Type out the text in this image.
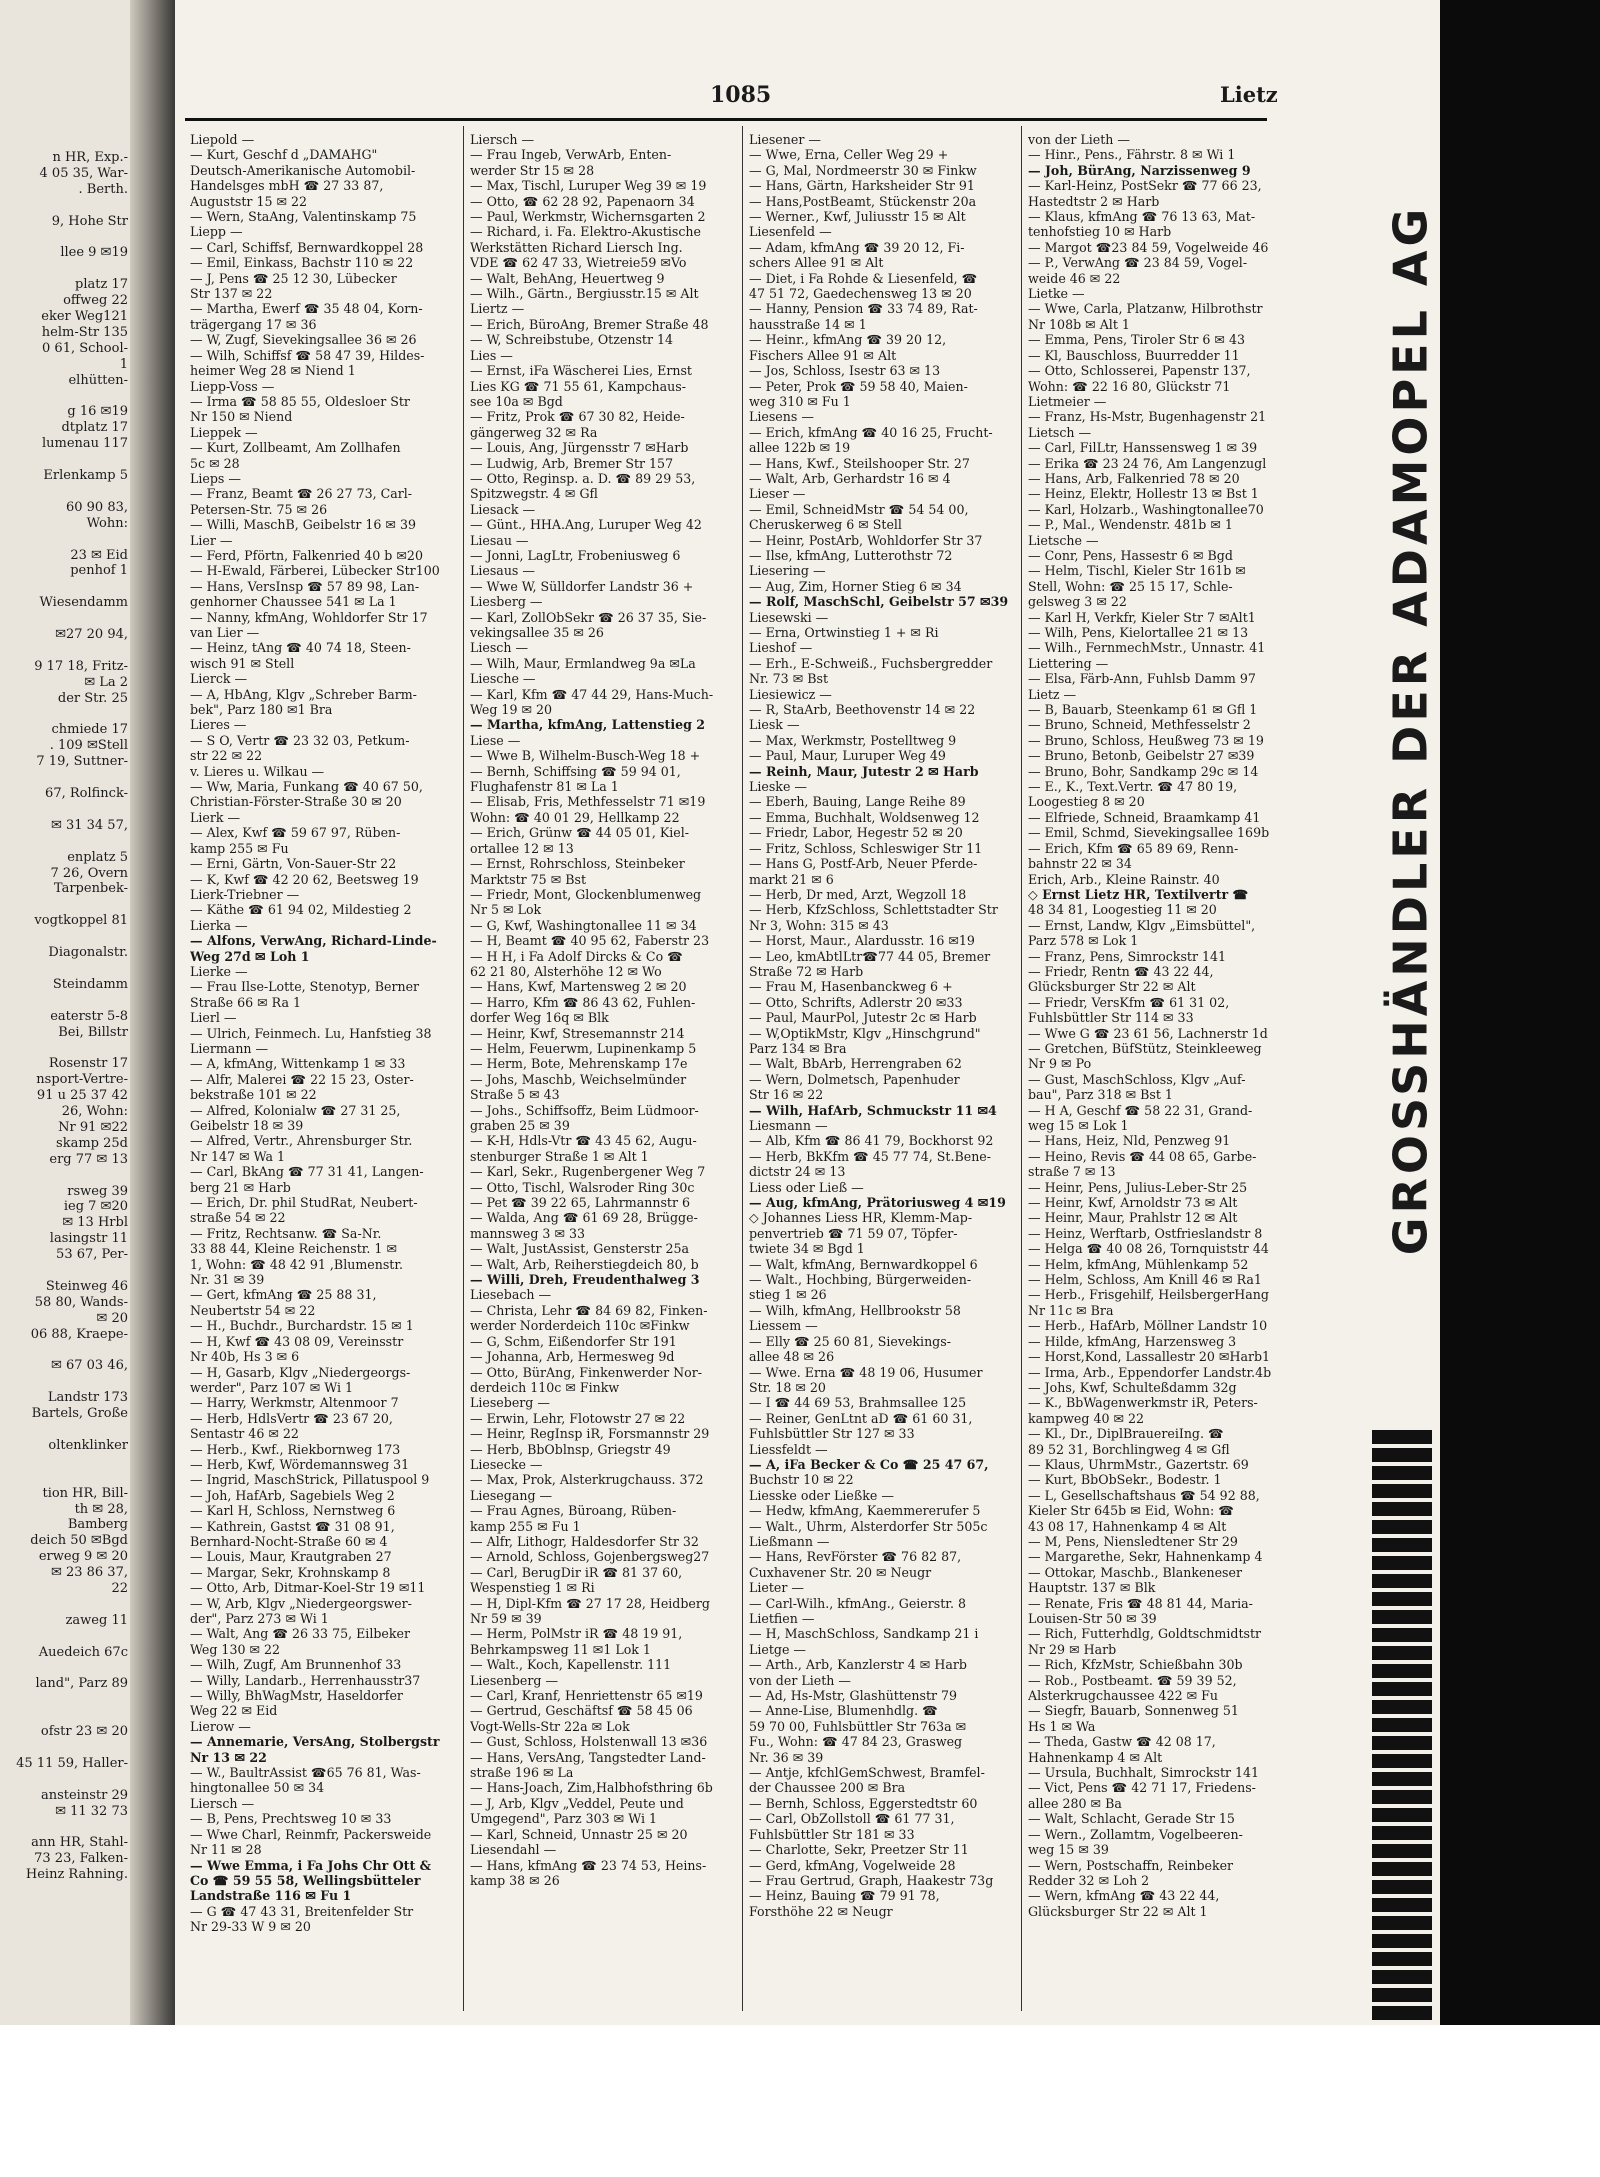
n HR, Exp.-
4 05 35, War-
. Berth.
9, Hohe Str
llee 9 ✉19
platz 17
offweg 22
eker Weg121
helm-Str 135
0 61, School-
1
elhütten-
g 16 ✉19
dtplatz 17
lumenau 117
Erlenkamp 5
60 90 83,
Wohn:
23 ✉ Eid
penhof 1
Wiesendamm
✉27 20 94,
9 17 18, Fritz-
✉ La 2
der Str. 25
chmiede 17
. 109 ✉Stell
7 19, Suttner-
67, Rolfinck-
✉ 31 34 57,
enplatz 5
7 26, Overn
Tarpenbek-
vogtkoppel 81
Diagonalstr.
Steindamm
eaterstr 5-8
Bei, Billstr
Rosenstr 17
nsport-Vertre-
91 u 25 37 42
26, Wohn:
Nr 91 ✉22
skamp 25d
erg 77 ✉ 13
rsweg 39
ieg 7 ✉20
✉ 13 Hrbl
lasingstr 11
53 67, Per-
Steinweg 46
58 80, Wands-
✉ 20
06 88, Kraepe-
✉ 67 03 46,
Landstr 173
Bartels, Große
oltenklinker
tion HR, Bill-
th ✉ 28,
Bamberg
deich 50 ✉Bgd
erweg 9 ✉ 20
✉ 23 86 37,
22
zaweg 11
Auedeich 67c
land", Parz 89
ofstr 23 ✉ 20
45 11 59, Haller-
ansteinstr 29
✉ 11 32 73
ann HR, Stahl-
73 23, Falken-
Heinz Rahning.
1085	Lietz
Liepold —
— Kurt, Geschf d „DAMAHG"
Deutsch-Amerikanische Automobil-
Handelsges mbH ☎ 27 33 87,
Auguststr 15 ✉ 22
— Wern, StaAng, Valentinskamp 75
Liepp —
— Carl, Schiffsf, Bernwardkoppel 28
— Emil, Einkass, Bachstr 110 ✉ 22
— J, Pens ☎ 25 12 30, Lübecker
Str 137 ✉ 22
— Martha, Ewerf ☎ 35 48 04, Korn-
trägergang 17 ✉ 36
— W, Zugf, Sievekingsallee 36 ✉ 26
— Wilh, Schiffsf ☎ 58 47 39, Hildes-
heimer Weg 28 ✉ Niend 1
Liepp-Voss —
— Irma ☎ 58 85 55, Oldesloer Str
Nr 150 ✉ Niend
Lieppek —
— Kurt, Zollbeamt, Am Zollhafen
5c ✉ 28
Lieps —
— Franz, Beamt ☎ 26 27 73, Carl-
Petersen-Str. 75 ✉ 26
— Willi, MaschB, Geibelstr 16 ✉ 39
Lier —
— Ferd, Pförtn, Falkenried 40 b ✉20
— H-Ewald, Färberei, Lübecker Str100
— Hans, VersInsp ☎ 57 89 98, Lan-
genhorner Chaussee 541 ✉ La 1
— Nanny, kfmAng, Wohldorfer Str 17
van Lier —
— Heinz, tAng ☎ 40 74 18, Steen-
wisch 91 ✉ Stell
Lierck —
— A, HbAng, Klgv „Schreber Barm-
bek", Parz 180 ✉1 Bra
Lieres —
— S O, Vertr ☎ 23 32 03, Petkum-
str 22 ✉ 22
v. Lieres u. Wilkau —
— Ww, Maria, Funkang ☎ 40 67 50,
Christian-Förster-Straße 30 ✉ 20
Lierk —
— Alex, Kwf ☎ 59 67 97, Rüben-
kamp 255 ✉ Fu
— Erni, Gärtn, Von-Sauer-Str 22
— K, Kwf ☎ 42 20 62, Beetsweg 19
Lierk-Triebner —
— Käthe ☎ 61 94 02, Mildestieg 2
Lierka —
— Alfons, VerwAng, Richard-Linde-
Weg 27d ✉ Loh 1
Lierke —
— Frau Ilse-Lotte, Stenotyp, Berner
Straße 66 ✉ Ra 1
Lierl —
— Ulrich, Feinmech. Lu, Hanfstieg 38
Liermann —
— A, kfmAng, Wittenkamp 1 ✉ 33
— Alfr, Malerei ☎ 22 15 23, Oster-
bekstraße 101 ✉ 22
— Alfred, Kolonialw ☎ 27 31 25,
Geibelstr 18 ✉ 39
— Alfred, Vertr., Ahrensburger Str.
Nr 147 ✉ Wa 1
— Carl, BkAng ☎ 77 31 41, Langen-
berg 21 ✉ Harb
— Erich, Dr. phil StudRat, Neubert-
straße 54 ✉ 22
— Fritz, Rechtsanw. ☎ Sa-Nr.
33 88 44, Kleine Reichenstr. 1 ✉
1, Wohn: ☎ 48 42 91 ,Blumenstr.
Nr. 31 ✉ 39
— Gert, kfmAng ☎ 25 88 31,
Neubertstr 54 ✉ 22
— H., Buchdr., Burchardstr. 15 ✉ 1
— H, Kwf ☎ 43 08 09, Vereinsstr
Nr 40b, Hs 3 ✉ 6
— H, Gasarb, Klgv „Niedergeorgs-
werder", Parz 107 ✉ Wi 1
— Harry, Werkmstr, Altenmoor 7
— Herb, HdlsVertr ☎ 23 67 20,
Sentastr 46 ✉ 22
— Herb., Kwf., Riekbornweg 173
— Herb, Kwf, Wördemannsweg 31
— Ingrid, MaschStrick, Pillatuspool 9
— Joh, HafArb, Sagebiels Weg 2
— Karl H, Schloss, Nernstweg 6
— Kathrein, Gastst ☎ 31 08 91,
Bernhard-Nocht-Straße 60 ✉ 4
— Louis, Maur, Krautgraben 27
— Margar, Sekr, Krohnskamp 8
— Otto, Arb, Ditmar-Koel-Str 19 ✉11
— W, Arb, Klgv „Niedergeorgswer-
der", Parz 273 ✉ Wi 1
— Walt, Ang ☎ 26 33 75, Eilbeker
Weg 130 ✉ 22
— Wilh, Zugf, Am Brunnenhof 33
— Willy, Landarb., Herrenhausstr37
— Willy, BhWagMstr, Haseldorfer
Weg 22 ✉ Eid
Lierow —
— Annemarie, VersAng, Stolbergstr
Nr 13 ✉ 22
— W., BaultrAssist ☎65 76 81, Was-
hingtonallee 50 ✉ 34
Liersch —
— B, Pens, Prechtsweg 10 ✉ 33
— Wwe Charl, Reinmfr, Packersweide
Nr 11 ✉ 28
— Wwe Emma, i Fa Johs Chr Ott &
Co ☎ 59 55 58, Wellingsbütteler
Landstraße 116 ✉ Fu 1
— G ☎ 47 43 31, Breitenfelder Str
Nr 29-33 W 9 ✉ 20
Liersch —
— Frau Ingeb, VerwArb, Enten-
werder Str 15 ✉ 28
— Max, Tischl, Luruper Weg 39 ✉ 19
— Otto, ☎ 62 28 92, Papenaorn 34
— Paul, Werkmstr, Wichernsgarten 2
— Richard, i. Fa. Elektro-Akustische
Werkstätten Richard Liersch Ing.
VDE ☎ 62 47 33, Wietreie59 ✉Vo
— Walt, BehAng, Heuertweg 9
— Wilh., Gärtn., Bergiusstr.15 ✉ Alt
Liertz —
— Erich, BüroAng, Bremer Straße 48
— W, Schreibstube, Otzenstr 14
Lies —
— Ernst, iFa Wäscherei Lies, Ernst
Lies KG ☎ 71 55 61, Kampchaus-
see 10a ✉ Bgd
— Fritz, Prok ☎ 67 30 82, Heide-
gängerweg 32 ✉ Ra
— Louis, Ang, Jürgensstr 7 ✉Harb
— Ludwig, Arb, Bremer Str 157
— Otto, Reginsp. a. D. ☎ 89 29 53,
Spitzwegstr. 4 ✉ Gfl
Liesack —
— Günt., HHA.Ang, Luruper Weg 42
Liesau —
— Jonni, LagLtr, Frobeniusweg 6
Liesaus —
— Wwe W, Sülldorfer Landstr 36 +
Liesberg —
— Karl, ZollObSekr ☎ 26 37 35, Sie-
vekingsallee 35 ✉ 26
Liesch —
— Wilh, Maur, Ermlandweg 9a ✉La
Liesche —
— Karl, Kfm ☎ 47 44 29, Hans-Much-
Weg 19 ✉ 20
— Martha, kfmAng, Lattenstieg 2
Liese —
— Wwe B, Wilhelm-Busch-Weg 18 +
— Bernh, Schiffsing ☎ 59 94 01,
Flughafenstr 81 ✉ La 1
— Elisab, Fris, Methfesselstr 71 ✉19
Wohn: ☎ 40 01 29, Hellkamp 22
— Erich, Grünw ☎ 44 05 01, Kiel-
ortallee 12 ✉ 13
— Ernst, Rohrschloss, Steinbeker
Marktstr 75 ✉ Bst
— Friedr, Mont, Glockenblumenweg
Nr 5 ✉ Lok
— G, Kwf, Washingtonallee 11 ✉ 34
— H, Beamt ☎ 40 95 62, Faberstr 23
— H H, i Fa Adolf Dircks & Co ☎
62 21 80, Alsterhöhe 12 ✉ Wo
— Hans, Kwf, Martensweg 2 ✉ 20
— Harro, Kfm ☎ 86 43 62, Fuhlen-
dorfer Weg 16q ✉ Blk
— Heinr, Kwf, Stresemannstr 214
— Helm, Feuerwm, Lupinenkamp 5
— Herm, Bote, Mehrenskamp 17e
— Johs, Maschb, Weichselmünder
Straße 5 ✉ 43
— Johs., Schiffsoffz, Beim Lüdmoor-
graben 25 ✉ 39
— K-H, Hdls-Vtr ☎ 43 45 62, Augu-
stenburger Straße 1 ✉ Alt 1
— Karl, Sekr., Rugenbergener Weg 7
— Otto, Tischl, Walsroder Ring 30c
— Pet ☎ 39 22 65, Lahrmannstr 6
— Walda, Ang ☎ 61 69 28, Brügge-
mannsweg 3 ✉ 33
— Walt, JustAssist, Gensterstr 25a
— Walt, Arb, Reiherstiegdeich 80, b
— Willi, Dreh, Freudenthalweg 3
Liesebach —
— Christa, Lehr ☎ 84 69 82, Finken-
werder Norderdeich 110c ✉Finkw
— G, Schm, Eißendorfer Str 191
— Johanna, Arb, Hermesweg 9d
— Otto, BürAng, Finkenwerder Nor-
derdeich 110c ✉ Finkw
Lieseberg —
— Erwin, Lehr, Flotowstr 27 ✉ 22
— Heinr, RegInsp iR, Forsmannstr 29
— Herb, BbOblnsp, Griegstr 49
Liesecke —
— Max, Prok, Alsterkrugchauss. 372
Liesegang —
— Frau Agnes, Büroang, Rüben-
kamp 255 ✉ Fu 1
— Alfr, Lithogr, Haldesdorfer Str 32
— Arnold, Schloss, Gojenbergsweg27
— Carl, BerugDir iR ☎ 81 37 60,
Wespenstieg 1 ✉ Ri
— H, Dipl-Kfm ☎ 27 17 28, Heidberg
Nr 59 ✉ 39
— Herm, PolMstr iR ☎ 48 19 91,
Behrkampsweg 11 ✉1 Lok 1
— Walt., Koch, Kapellenstr. 111
Liesenberg —
— Carl, Kranf, Henriettenstr 65 ✉19
— Gertrud, Geschäftsf ☎ 58 45 06
Vogt-Wells-Str 22a ✉ Lok
— Gust, Schloss, Holstenwall 13 ✉36
— Hans, VersAng, Tangstedter Land-
straße 196 ✉ La
— Hans-Joach, Zim,Halbhofsthring 6b
— J, Arb, Klgv „Veddel, Peute und
Umgegend", Parz 303 ✉ Wi 1
— Karl, Schneid, Unnastr 25 ✉ 20
Liesendahl —
— Hans, kfmAng ☎ 23 74 53, Heins-
kamp 38 ✉ 26
Liesener —
— Wwe, Erna, Celler Weg 29 +
— G, Mal, Nordmeerstr 30 ✉ Finkw
— Hans, Gärtn, Harksheider Str 91
— Hans,PostBeamt, Stückenstr 20a
— Werner., Kwf, Juliusstr 15 ✉ Alt
Liesenfeld —
— Adam, kfmAng ☎ 39 20 12, Fi-
schers Allee 91 ✉ Alt
— Diet, i Fa Rohde & Liesenfeld, ☎
47 51 72, Gaedechensweg 13 ✉ 20
— Hanny, Pension ☎ 33 74 89, Rat-
hausstraße 14 ✉ 1
— Heinr., kfmAng ☎ 39 20 12,
Fischers Allee 91 ✉ Alt
— Jos, Schloss, Isestr 63 ✉ 13
— Peter, Prok ☎ 59 58 40, Maien-
weg 310 ✉ Fu 1
Liesens —
— Erich, kfmAng ☎ 40 16 25, Frucht-
allee 122b ✉ 19
— Hans, Kwf., Steilshooper Str. 27
— Walt, Arb, Gerhardstr 16 ✉ 4
Lieser —
— Emil, SchneidMstr ☎ 54 54 00,
Cheruskerweg 6 ✉ Stell
— Heinr, PostArb, Wohldorfer Str 37
— Ilse, kfmAng, Lutterothstr 72
Liesering —
— Aug, Zim, Horner Stieg 6 ✉ 34
— Rolf, MaschSchl, Geibelstr 57 ✉39
Liesewski —
— Erna, Ortwinstieg 1 + ✉ Ri
Lieshof —
— Erh., E-Schweiß., Fuchsbergredder
Nr. 73 ✉ Bst
Liesiewicz —
— R, StaArb, Beethovenstr 14 ✉ 22
Liesk —
— Max, Werkmstr, Postelltweg 9
— Paul, Maur, Luruper Weg 49
— Reinh, Maur, Jutestr 2 ✉ Harb
Lieske —
— Eberh, Bauing, Lange Reihe 89
— Emma, Buchhalt, Woldsenweg 12
— Friedr, Labor, Hegestr 52 ✉ 20
— Fritz, Schloss, Schleswiger Str 11
— Hans G, Postf-Arb, Neuer Pferde-
markt 21 ✉ 6
— Herb, Dr med, Arzt, Wegzoll 18
— Herb, KfzSchloss, Schlettstadter Str
Nr 3, Wohn: 315 ✉ 43
— Horst, Maur., Alardusstr. 16 ✉19
— Leo, kmAbtlLtr☎77 44 05, Bremer
Straße 72 ✉ Harb
— Frau M, Hasenbanckweg 6 +
— Otto, Schrifts, Adlerstr 20 ✉33
— Paul, MaurPol, Jutestr 2c ✉ Harb
— W,OptikMstr, Klgv „Hinschgrund"
Parz 134 ✉ Bra
— Walt, BbArb, Herrengraben 62
— Wern, Dolmetsch, Papenhuder
Str 16 ✉ 22
— Wilh, HafArb, Schmuckstr 11 ✉4
Liesmann —
— Alb, Kfm ☎ 86 41 79, Bockhorst 92
— Herb, BkKfm ☎ 45 77 74, St.Bene-
dictstr 24 ✉ 13
Liess oder Ließ —
— Aug, kfmAng, Prätoriusweg 4 ✉19
◇ Johannes Liess HR, Klemm-Map-
penvertrieb ☎ 71 59 07, Töpfer-
twiete 34 ✉ Bgd 1
— Walt, kfmAng, Bernwardkoppel 6
— Walt., Hochbing, Bürgerweiden-
stieg 1 ✉ 26
— Wilh, kfmAng, Hellbrookstr 58
Liessem —
— Elly ☎ 25 60 81, Sievekings-
allee 48 ✉ 26
— Wwe. Erna ☎ 48 19 06, Husumer
Str. 18 ✉ 20
— I ☎ 44 69 53, Brahmsallee 125
— Reiner, GenLtnt aD ☎ 61 60 31,
Fuhlsbüttler Str 127 ✉ 33
Liessfeldt —
— A, iFa Becker & Co ☎ 25 47 67,
Buchstr 10 ✉ 22
Liesske oder Ließke —
— Hedw, kfmAng, Kaemmererufer 5
— Walt., Uhrm, Alsterdorfer Str 505c
Ließmann —
— Hans, RevFörster ☎ 76 82 87,
Cuxhavener Str. 20 ✉ Neugr
Lieter —
— Carl-Wilh., kfmAng., Geierstr. 8
Lietfien —
— H, MaschSchloss, Sandkamp 21 i
Lietge —
— Arth., Arb, Kanzlerstr 4 ✉ Harb
von der Lieth —
— Ad, Hs-Mstr, Glashüttenstr 79
— Anne-Lise, Blumenhdlg. ☎
59 70 00, Fuhlsbüttler Str 763a ✉
Fu., Wohn: ☎ 47 84 23, Grasweg
Nr. 36 ✉ 39
— Antje, kfchlGemSchwest, Bramfel-
der Chaussee 200 ✉ Bra
— Bernh, Schloss, Eggerstedtstr 60
— Carl, ObZollstoll ☎ 61 77 31,
Fuhlsbüttler Str 181 ✉ 33
— Charlotte, Sekr, Preetzer Str 11
— Gerd, kfmAng, Vogelweide 28
— Frau Gertrud, Graph, Haakestr 73g
— Heinz, Bauing ☎ 79 91 78,
Forsthöhe 22 ✉ Neugr
von der Lieth —
— Hinr., Pens., Fährstr. 8 ✉ Wi 1
— Joh, BürAng, Narzissenweg 9
— Karl-Heinz, PostSekr ☎ 77 66 23,
Hastedtstr 2 ✉ Harb
— Klaus, kfmAng ☎ 76 13 63, Mat-
tenhofstieg 10 ✉ Harb
— Margot ☎23 84 59, Vogelweide 46
— P., VerwAng ☎ 23 84 59, Vogel-
weide 46 ✉ 22
Lietke —
— Wwe, Carla, Platzanw, Hilbrothstr
Nr 108b ✉ Alt 1
— Emma, Pens, Tiroler Str 6 ✉ 43
— Kl, Bauschloss, Buurredder 11
— Otto, Schlosserei, Papenstr 137,
Wohn: ☎ 22 16 80, Glückstr 71
Lietmeier —
— Franz, Hs-Mstr, Bugenhagenstr 21
Lietsch —
— Carl, FilLtr, Hanssensweg 1 ✉ 39
— Erika ☎ 23 24 76, Am Langenzugl
— Hans, Arb, Falkenried 78 ✉ 20
— Heinz, Elektr, Hollestr 13 ✉ Bst 1
— Karl, Holzarb., Washingtonallee70
— P., Mal., Wendenstr. 481b ✉ 1
Lietsche —
— Conr, Pens, Hassestr 6 ✉ Bgd
— Helm, Tischl, Kieler Str 161b ✉
Stell, Wohn: ☎ 25 15 17, Schle-
gelsweg 3 ✉ 22
— Karl H, Verkfr, Kieler Str 7 ✉Alt1
— Wilh, Pens, Kielortallee 21 ✉ 13
— Wilh., FernmechMstr., Unnastr. 41
Liettering —
— Elsa, Färb-Ann, Fuhlsb Damm 97
Lietz —
— B, Bauarb, Steenkamp 61 ✉ Gfl 1
— Bruno, Schneid, Methfesselstr 2
— Bruno, Schloss, Heußweg 73 ✉ 19
— Bruno, Betonb, Geibelstr 27 ✉39
— Bruno, Bohr, Sandkamp 29c ✉ 14
— E., K., Text.Vertr. ☎ 47 80 19,
Loogestieg 8 ✉ 20
— Elfriede, Schneid, Braamkamp 41
— Emil, Schmd, Sievekingsallee 169b
— Erich, Kfm ☎ 65 89 69, Renn-
bahnstr 22 ✉ 34
Erich, Arb., Kleine Rainstr. 40
◇ Ernst Lietz HR, Textilvertr ☎
48 34 81, Loogestieg 11 ✉ 20
— Ernst, Landw, Klgv „Eimsbüttel",
Parz 578 ✉ Lok 1
— Franz, Pens, Simrockstr 141
— Friedr, Rentn ☎ 43 22 44,
Glücksburger Str 22 ✉ Alt
— Friedr, VersKfm ☎ 61 31 02,
Fuhlsbüttler Str 114 ✉ 33
— Wwe G ☎ 23 61 56, Lachnerstr 1d
— Gretchen, BüfStütz, Steinkleeweg
Nr 9 ✉ Po
— Gust, MaschSchloss, Klgv „Auf-
bau", Parz 318 ✉ Bst 1
— H A, Geschf ☎ 58 22 31, Grand-
weg 15 ✉ Lok 1
— Hans, Heiz, Nld, Penzweg 91
— Heino, Revis ☎ 44 08 65, Garbe-
straße 7 ✉ 13
— Heinr, Pens, Julius-Leber-Str 25
— Heinr, Kwf, Arnoldstr 73 ✉ Alt
— Heinr, Maur, Prahlstr 12 ✉ Alt
— Heinz, Werftarb, Ostfrieslandstr 8
— Helga ☎ 40 08 26, Tornquiststr 44
— Helm, kfmAng, Mühlenkamp 52
— Helm, Schloss, Am Knill 46 ✉ Ra1
— Herb., Frisgehilf, HeilsbergerHang
Nr 11c ✉ Bra
— Herb., HafArb, Möllner Landstr 10
— Hilde, kfmAng, Harzensweg 3
— Horst,Kond, Lassallestr 20 ✉Harb1
— Irma, Arb., Eppendorfer Landstr.4b
— Johs, Kwf, Schulteßdamm 32g
— K., BbWagenwerkmstr iR, Peters-
kampweg 40 ✉ 22
— Kl., Dr., DiplBrauereiIng. ☎
89 52 31, Borchlingweg 4 ✉ Gfl
— Klaus, UhrmMstr., Gazertstr. 69
— Kurt, BbObSekr., Bodestr. 1
— L, Gesellschaftshaus ☎ 54 92 88,
Kieler Str 645b ✉ Eid, Wohn: ☎
43 08 17, Hahnenkamp 4 ✉ Alt
— M, Pens, Niensledtener Str 29
— Margarethe, Sekr, Hahnenkamp 4
— Ottokar, Maschb., Blankeneser
Hauptstr. 137 ✉ Blk
— Renate, Fris ☎ 48 81 44, Maria-
Louisen-Str 50 ✉ 39
— Rich, Futterhdlg, Goldtschmidtstr
Nr 29 ✉ Harb
— Rich, KfzMstr, Schießbahn 30b
— Rob., Postbeamt. ☎ 59 39 52,
Alsterkrugchaussee 422 ✉ Fu
— Siegfr, Bauarb, Sonnenweg 51
Hs 1 ✉ Wa
— Theda, Gastw ☎ 42 08 17,
Hahnenkamp 4 ✉ Alt
— Ursula, Buchhalt, Simrockstr 141
— Vict, Pens ☎ 42 71 17, Friedens-
allee 280 ✉ Ba
— Walt, Schlacht, Gerade Str 15
— Wern., Zollamtm, Vogelbeeren-
weg 15 ✉ 39
— Wern, Postschaffn, Reinbeker
Redder 32 ✉ Loh 2
— Wern, kfmAng ☎ 43 22 44,
Glücksburger Str 22 ✉ Alt 1
GROSSHÄNDLER DER ADAMOPEL AG
